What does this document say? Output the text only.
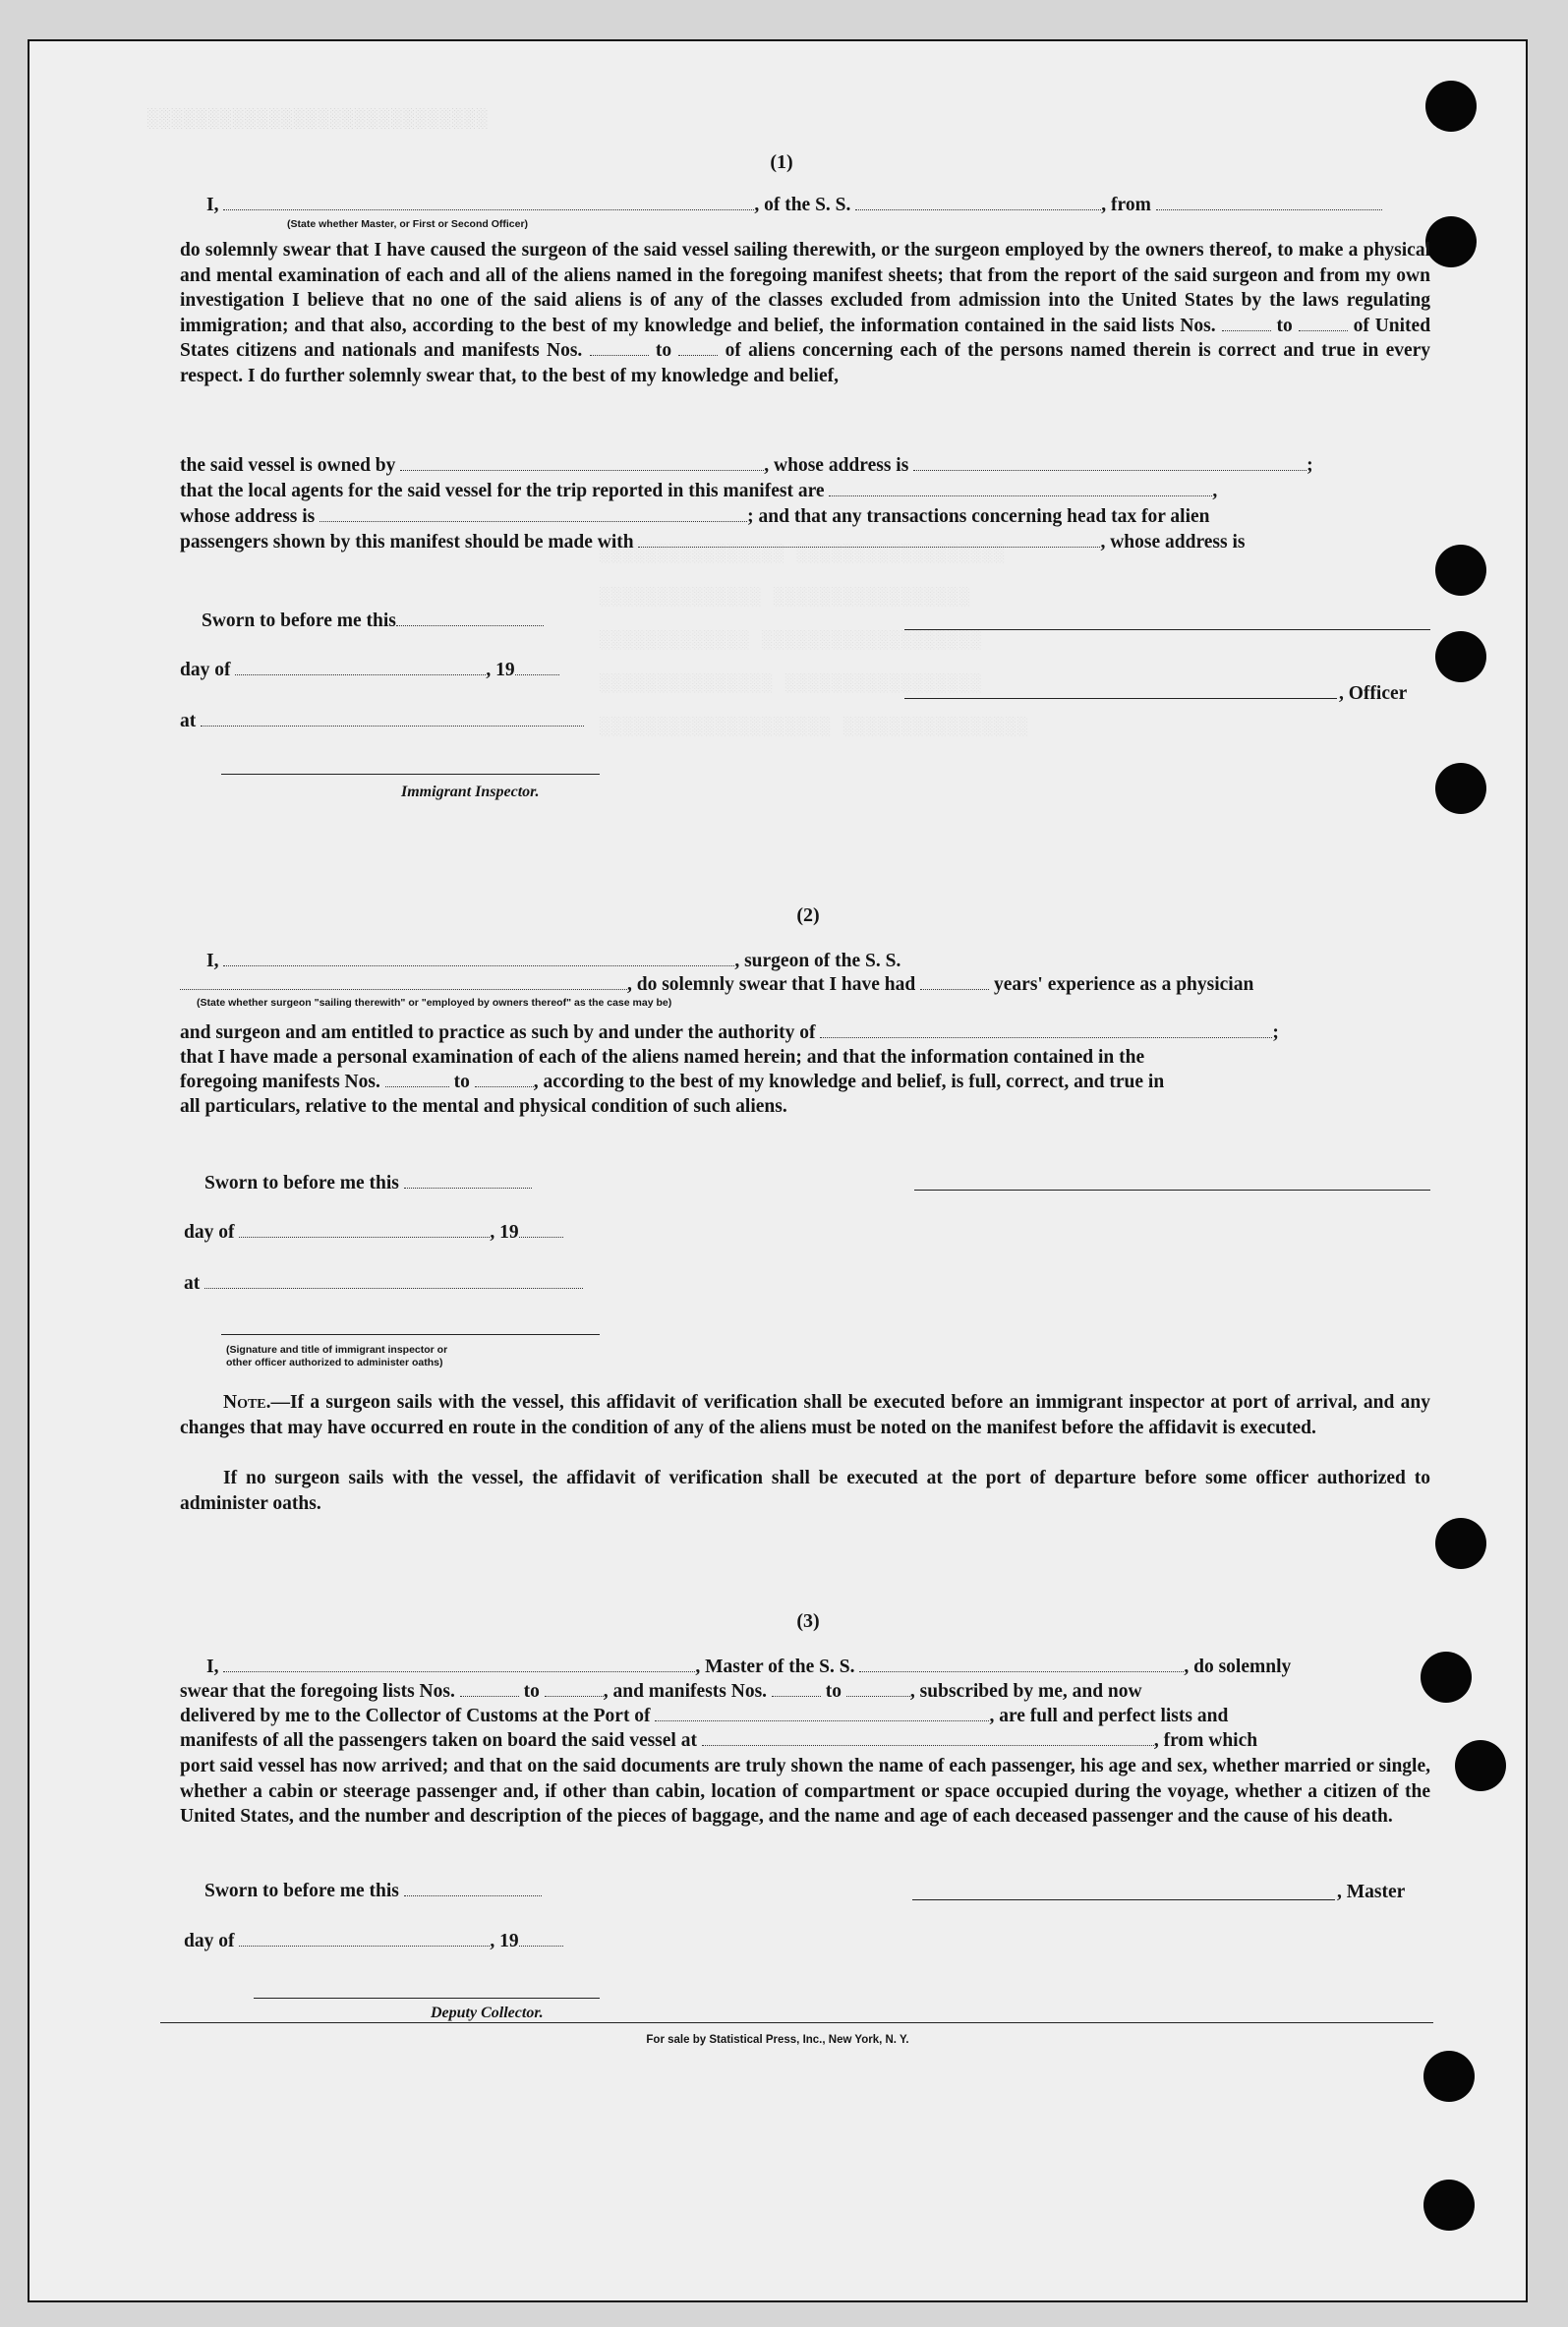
░░░░░░░░░░░░░░░░░░░░░░░░░░░░
░░░░░░░░░░░░░░░░ ░░░░░░░░░░░░░░░░░░ ░░░░░░░░░░░░░░ ░░░░░░░░░░░░░░░░░ ░░░░░░░░░░░░░ ░░░░░░░░░░░░░░░░░░░ ░░░░░░░░░░░░░░░ ░░░░░░░░░░░░░░░░░ ░░░░░░░░░░░░░░░░░░░░ ░░░░░░░░░░░░░░░░
(1)
I,	, of the S. S.	, from
(State whether Master, or First or Second Officer)
do solemnly swear that I have caused the surgeon of the said vessel sailing therewith, or the surgeon employed by the owners thereof, to make a physical and mental examination of each and all of the aliens named in the foregoing manifest sheets; that from the report of the said surgeon and from my own investigation I believe that no one of the said aliens is of any of the classes excluded from admission into the United States by the laws regulating immigration; and that also, according to the best of my knowledge and belief, the information contained in the said lists Nos.	to	of United States citizens and nationals and manifests Nos.	to	of aliens concerning each of the persons named therein is correct and true in every respect. I do further solemnly swear that, to the best of my knowledge and belief,
the said vessel is owned by	, whose address is	;
that the local agents for the said vessel for the trip reported in this manifest are	,
whose address is	; and that any transactions concerning head tax for alien
passengers shown by this manifest should be made with	, whose address is
Sworn to before me this
day of	, 19
, Officer
at
Immigrant Inspector.
(2)
I,	, surgeon of the S. S.
, do solemnly swear that I have had	years' experience as a physician
(State whether surgeon "sailing therewith" or "employed by owners thereof" as the case may be)
and surgeon and am entitled to practice as such by and under the authority of	;
that I have made a personal examination of each of the aliens named herein; and that the information contained in the
foregoing manifests Nos.	to	, according to the best of my knowledge and belief, is full, correct, and true in
all particulars, relative to the mental and physical condition of such aliens.
Sworn to before me this
day of	, 19
at
(Signature and title of immigrant inspector or
other officer authorized to administer oaths)
Note.—If a surgeon sails with the vessel, this affidavit of verification shall be executed before an immigrant inspector at port of arrival, and any changes that may have occurred en route in the condition of any of the aliens must be noted on the manifest before the affidavit is executed.
If no surgeon sails with the vessel, the affidavit of verification shall be executed at the port of departure before some officer authorized to administer oaths.
(3)
I,	, Master of the S. S.	, do solemnly
swear that the foregoing lists Nos.	to	, and manifests Nos.	to	, subscribed by me, and now
delivered by me to the Collector of Customs at the Port of	, are full and perfect lists and
manifests of all the passengers taken on board the said vessel at	, from which
port said vessel has now arrived; and that on the said documents are truly shown the name of each passenger, his age and sex, whether married or single, whether a cabin or steerage passenger and, if other than cabin, location of compartment or space occupied during the voyage, whether a citizen of the United States, and the number and description of the pieces of baggage, and the name and age of each deceased passenger and the cause of his death.
Sworn to before me this	, Master
day of	, 19
Deputy Collector.
For sale by Statistical Press, Inc., New York, N. Y.
